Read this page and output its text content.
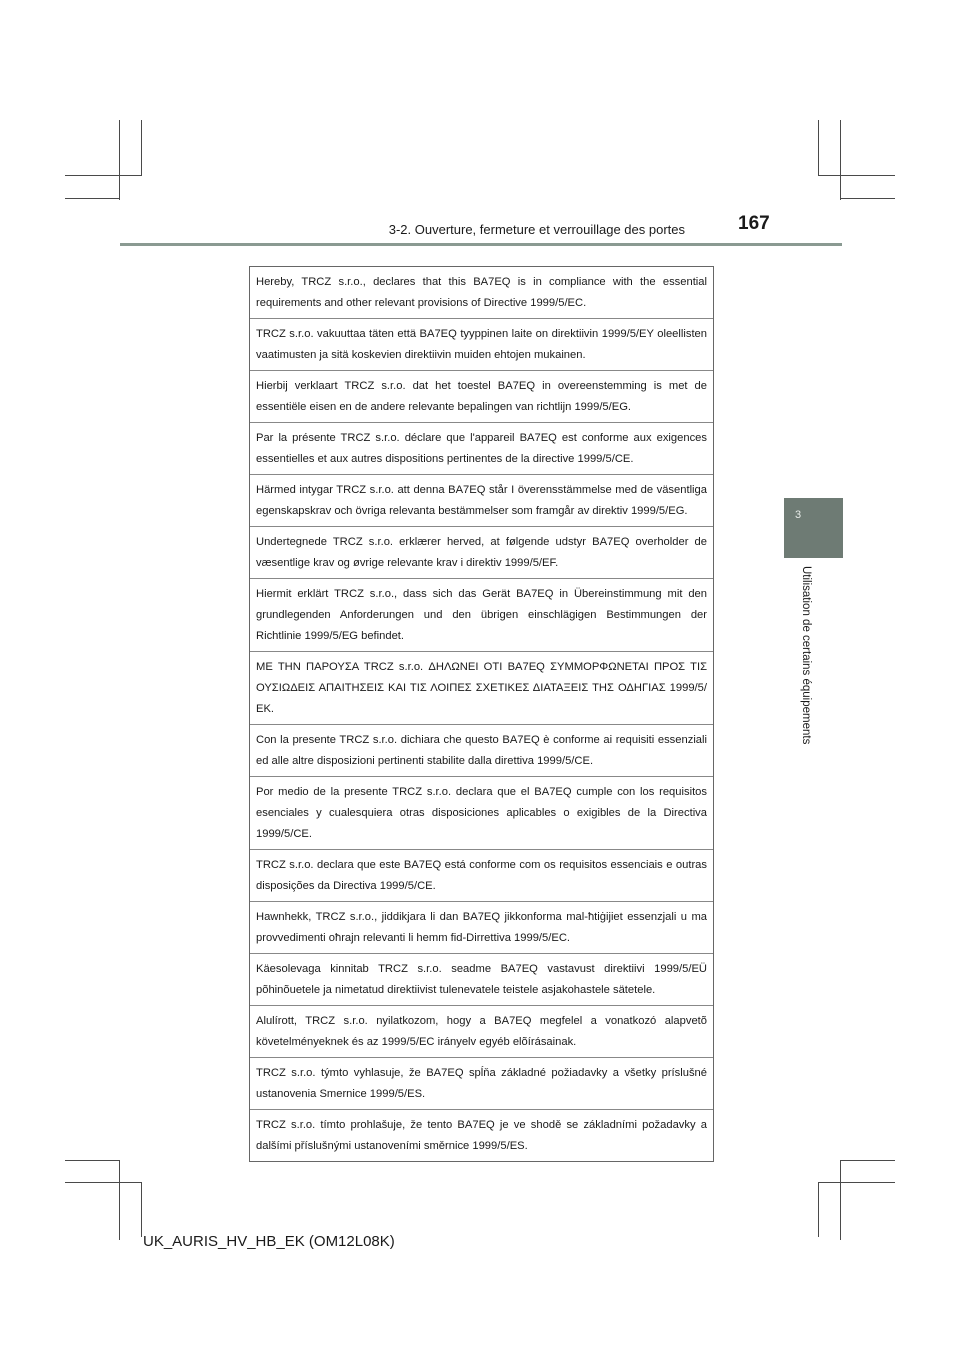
3-2. Ouverture, fermeture et verrouillage des portes	167
3
Utilisation de certains équipements
Hereby, TRCZ s.r.o., declares that this BA7EQ is in compliance with the essential requirements and other relevant provisions of Directive 1999/5/EC.
TRCZ s.r.o. vakuuttaa täten että BA7EQ tyyppinen laite on direktiivin 1999/5/EY oleellisten vaatimusten ja sitä koskevien direktiivin muiden ehtojen mukainen.
Hierbij verklaart TRCZ s.r.o. dat het toestel BA7EQ in overeenstemming is met de essentiële eisen en de andere relevante bepalingen van richtlijn 1999/5/EG.
Par la présente TRCZ s.r.o. déclare que l'appareil BA7EQ est conforme aux exigences essentielles et aux autres dispositions pertinentes de la directive 1999/5/CE.
Härmed intygar TRCZ s.r.o. att denna BA7EQ står I överensstämmelse med de väsentliga egenskapskrav och övriga relevanta bestämmelser som framgår av direktiv 1999/5/EG.
Undertegnede TRCZ s.r.o. erklærer herved, at følgende udstyr BA7EQ overholder de væsentlige krav og øvrige relevante krav i direktiv 1999/5/EF.
Hiermit erklärt TRCZ s.r.o., dass sich das Gerät BA7EQ in Übereinstimmung mit den grundlegenden Anforderungen und den übrigen einschlägigen Bestimmungen der Richtlinie 1999/5/EG befindet.
ΜΕ ΤΗΝ ΠΑΡΟΥΣΑ TRCZ s.r.o. ΔΗΛΩΝΕΙ ΟΤΙ BA7EQ ΣΥΜΜΟΡΦΩΝΕΤΑΙ ΠΡΟΣ ΤΙΣ ΟΥΣΙΩΔΕΙΣ ΑΠΑΙΤΗΣΕΙΣ ΚΑΙ ΤΙΣ ΛΟΙΠΕΣ ΣΧΕΤΙΚΕΣ ΔΙΑΤΑΞΕΙΣ ΤΗΣ ΟΔΗΓΙΑΣ 1999/5/ΕΚ.
Con la presente TRCZ s.r.o. dichiara che questo BA7EQ è conforme ai requisiti essenziali ed alle altre disposizioni pertinenti stabilite dalla direttiva 1999/5/CE.
Por medio de la presente TRCZ s.r.o. declara que el BA7EQ cumple con los requisitos esenciales y cualesquiera otras disposiciones aplicables o exigibles de la Directiva 1999/5/CE.
TRCZ s.r.o. declara que este BA7EQ está conforme com os requisitos essenciais e outras disposições da Directiva 1999/5/CE.
Hawnhekk, TRCZ s.r.o., jiddikjara li dan BA7EQ jikkonforma mal-ħtiġijiet essenzjali u ma provvedimenti oħrajn relevanti li hemm fid-Dirrettiva 1999/5/EC.
Käesolevaga kinnitab TRCZ s.r.o. seadme BA7EQ vastavust direktiivi 1999/5/EÜ põhinõuetele ja nimetatud direktiivist tulenevatele teistele asjakohastele sätetele.
Alulírott, TRCZ s.r.o. nyilatkozom, hogy a BA7EQ megfelel a vonatkozó alapvetõ követelményeknek és az 1999/5/EC irányelv egyéb elõírásainak.
TRCZ s.r.o. týmto vyhlasuje, že BA7EQ spĺňa základné požiadavky a všetky príslušné ustanovenia Smernice 1999/5/ES.
TRCZ s.r.o. tímto prohlašuje, že tento BA7EQ je ve shodě se základními požadavky a dalšími příslušnými ustanoveními směrnice 1999/5/ES.
UK_AURIS_HV_HB_EK (OM12L08K)
